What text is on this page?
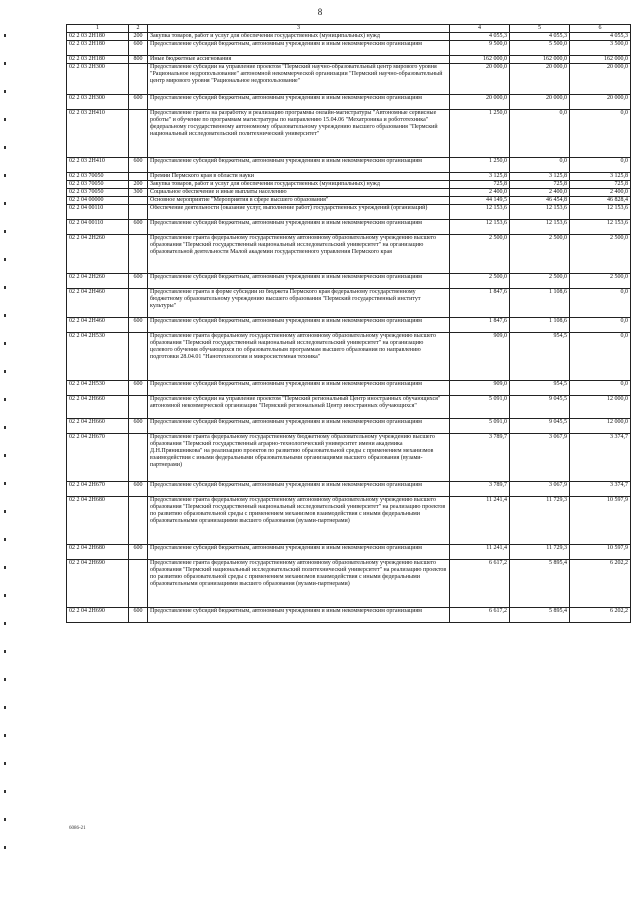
8
1	2	3	4	5	6
02 2 03 2Н180	200	Закупка товаров, работ и услуг для обеспечения государственных (муниципальных) нужд	4 055,3	4 055,3	4 055,3
02 2 03 2Н180	600	Предоставление субсидий бюджетным, автономным учреждениям и иным некоммерческим организациям	9 500,0	5 500,0	3 500,0
02 2 03 2Н180	800	Иные бюджетные ассигнования	162 000,0	162 000,0	162 000,0
02 2 03 2Н300		Предоставление субсидии на управление проектом "Пермский научно-образовательный центр мирового уровня "Рациональное недропользование" автономной некоммерческой организации "Пермский научно-образовательный центр мирового уровня "Рациональное недропользование"	20 000,0	20 000,0	20 000,0
02 2 03 2Н300	600	Предоставление субсидий бюджетным, автономным учреждениям и иным некоммерческим организациям	20 000,0	20 000,0	20 000,0
02 2 03 2Н410		Предоставление гранта на разработку и реализацию программы онлайн-магистратуры "Автономные сервисные роботы" и обучение по программам магистратуры по направлению 15.04.06 "Мехатроника и робототехника" федеральному государственному автономному образовательному учреждению высшего образования "Пермский национальный исследовательский политехнический университет"	1 250,0	0,0	0,0
02 2 03 2Н410	600	Предоставление субсидий бюджетным, автономным учреждениям и иным некоммерческим организациям	1 250,0	0,0	0,0
02 2 03 70050		Премии Пермского края в области науки	3 125,8	3 125,8	3 125,8
02 2 03 70050	200	Закупка товаров, работ и услуг для обеспечения государственных (муниципальных) нужд	725,8	725,8	725,8
02 2 03 70050	300	Социальное обеспечение и иные выплаты населению	2 400,0	2 400,0	2 400,0
02 2 04 00000		Основное мероприятие "Мероприятия в сфере высшего образования"	44 149,5	46 454,8	46 828,4
02 2 04 00110		Обеспечение деятельности (оказание услуг, выполнение работ) государственных учреждений (организаций)	12 153,6	12 153,6	12 153,6
02 2 04 00110	600	Предоставление субсидий бюджетным, автономным учреждениям и иным некоммерческим организациям	12 153,6	12 153,6	12 153,6
02 2 04 2Н260		Предоставление гранта федеральному государственному автономному образовательному учреждению высшего образования "Пермский государственный национальный исследовательский университет" на организацию образовательной деятельности Малой академии государственного управления Пермского края	2 500,0	2 500,0	2 500,0
02 2 04 2Н260	600	Предоставление субсидий бюджетным, автономным учреждениям и иным некоммерческим организациям	2 500,0	2 500,0	2 500,0
02 2 04 2Н460		Предоставление гранта в форме субсидии из бюджета Пермского края федеральному государственному бюджетному образовательному учреждению высшего образования "Пермский государственный институт культуры"	1 847,6	1 108,6	0,0
02 2 04 2Н460	600	Предоставление субсидий бюджетным, автономным учреждениям и иным некоммерческим организациям	1 847,6	1 108,6	0,0
02 2 04 2Н530		Предоставление гранта федеральному государственному автономному образовательному учреждению высшего образования "Пермский государственный национальный исследовательский университет" на организацию целевого обучения обучающихся по образовательным программам высшего образования по направлению подготовки 28.04.01 "Нанотехнологии и микросистемная техника"	909,0	954,5	0,0
02 2 04 2Н530	600	Предоставление субсидий бюджетным, автономным учреждениям и иным некоммерческим организациям	909,0	954,5	0,0
02 2 04 2Н660		Предоставление субсидии на управление проектом "Пермский региональный Центр иностранных обучающихся" автономной некоммерческой организации "Пермский региональный Центр иностранных обучающихся"	5 091,0	9 045,5	12 000,0
02 2 04 2Н660	600	Предоставление субсидий бюджетным, автономным учреждениям и иным некоммерческим организациям	5 091,0	9 045,5	12 000,0
02 2 04 2Н670		Предоставление гранта федеральному государственному бюджетному образовательному учреждению высшего образования "Пермский государственный аграрно-технологический университет имени академика Д.Н.Прянишникова" на реализацию проектов по развитию образовательной среды с применением механизмов взаимодействия с иными федеральными образовательными организациями высшего образования (вузами-партнерами)	3 789,7	3 067,9	3 374,7
02 2 04 2Н670	600	Предоставление субсидий бюджетным, автономным учреждениям и иным некоммерческим организациям	3 789,7	3 067,9	3 374,7
02 2 04 2Н680		Предоставление гранта федеральному государственному автономному образовательному учреждению высшего образования "Пермский государственный национальный исследовательский университет" на реализацию проектов по развитию образовательной среды с применением механизмов взаимодействия с иными федеральными образовательными организациями высшего образования (вузами-партнерами)	11 241,4	11 729,3	10 597,9
02 2 04 2Н680	600	Предоставление субсидий бюджетным, автономным учреждениям и иным некоммерческим организациям	11 241,4	11 729,3	10 597,9
02 2 04 2Н690		Предоставление гранта федеральному государственному автономному образовательному учреждению высшего образования "Пермский национальный исследовательский политехнический университет" на реализацию проектов по развитию образовательной среды с применением механизмов взаимодействия с иными федеральными образовательными организациями высшего образования (вузами-партнерами)	6 617,2	5 895,4	6 202,2
02 2 04 2Н690	600	Предоставление субсидий бюджетным, автономным учреждениям и иным некоммерческим организациям	6 617,2	5 895,4	6 202,2
6086-21
